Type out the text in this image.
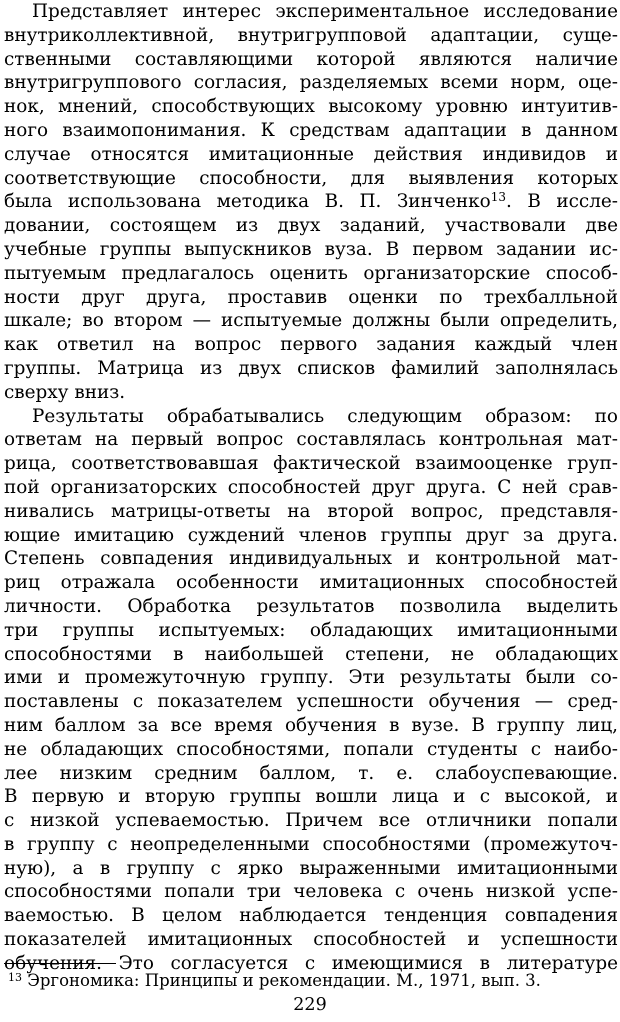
Представляет интерес экспериментальное исследование
внутриколлективной, внутригрупповой адаптации, суще-
ственными составляющими которой являются наличие
внутригруппового согласия, разделяемых всеми норм, оце-
нок, мнений, способствующих высокому уровню интуитив-
ного взаимопонимания. К средствам адаптации в данном
случае относятся имитационные действия индивидов и
соответствующие способности, для выявления которых
была использована методика В. П. Зинченко$^{13}$. В иссле-
довании, состоящем из двух заданий, участвовали две
учебные группы выпускников вуза. В первом задании ис-
пытуемым предлагалось оценить организаторские способ-
ности друг друга, проставив оценки по трехбалльной
шкале; во втором — испытуемые должны были определить,
как ответил на вопрос первого задания каждый член
группы. Матрица из двух списков фамилий заполнялась
сверху вниз.
Результаты обрабатывались следующим образом: по
ответам на первый вопрос составлялась контрольная мат-
рица, соответствовавшая фактической взаимооценке груп-
пой организаторских способностей друг друга. С ней срав-
нивались матрицы-ответы на второй вопрос, представля-
ющие имитацию суждений членов группы друг за друга.
Степень совпадения индивидуальных и контрольной мат-
риц отражала особенности имитационных способностей
личности. Обработка результатов позволила выделить
три группы испытуемых: обладающих имитационными
способностями в наибольшей степени, не обладающих
ими и промежуточную группу. Эти результаты были со-
поставлены с показателем успешности обучения — сред-
ним баллом за все время обучения в вузе. В группу лиц,
не обладающих способностями, попали студенты с наибо-
лее низким средним баллом, т. е. слабоуспевающие.
В первую и вторую группы вошли лица и с высокой, и
с низкой успеваемостью. Причем все отличники попали
в группу с неопределенными способностями (промежуточ-
ную), а в группу с ярко выраженными имитационными
способностями попали три человека с очень низкой успе-
ваемостью. В целом наблюдается тенденция совпадения
показателей имитационных способностей и успешности
обучения. Это согласуется с имеющимися в литературе
$^{13}$ Эргономика: Принципы и рекомендации. М., 1971, вып. 3.
229
